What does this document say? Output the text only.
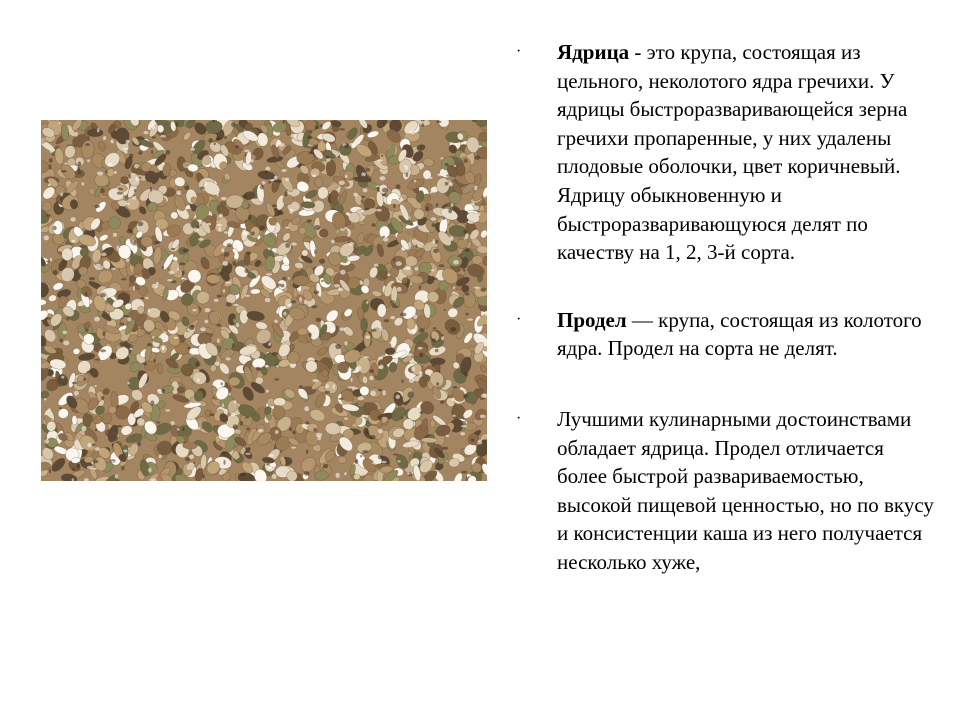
· Ядрица - это крупа, состоящая из цельного, неколотого ядра гречихи. У ядрицы быстроразваривающейся зерна гречихи пропаренные, у них удалены плодовые оболочки, цвет коричневый. Ядрицу обыкновенную и быстроразваривающуюся делят по качеству на 1, 2, 3-й сорта.

· Продел — крупа, состоящая из колотого ядра. Продел на сорта не делят.

· Лучшими кулинарными достоинствами обладает ядрица. Продел отличается более быстрой развариваемостью, высокой пищевой ценностью, но по вкусу и консистенции каша из него получается несколько хуже,
